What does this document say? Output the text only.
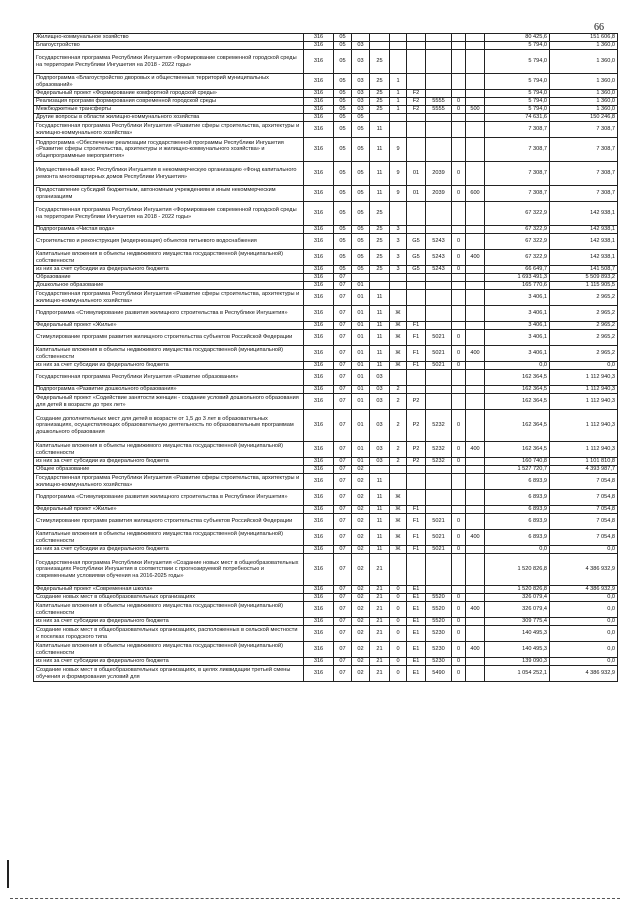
66
Жилищно-коммунальное хозяйство	316	05								80 425,6	151 606,8
Благоустройство	316	05	03							5 794,0	1 360,0
Государственная программа Республики Ингушетия «Формирование современной городской среды на территории Республики Ингушетия на 2018 - 2022 годы»	316	05	03	25						5 794,0	1 360,0
Подпрограмма «Благоустройство дворовых и общественных территорий муниципальных образований»	316	05	03	25	1					5 794,0	1 360,0
Федеральный проект «Формирование комфортной городской среды»	316	05	03	25	1	F2				5 794,0	1 360,0
Реализация программ формирования современной городской среды	316	05	03	25	1	F2	5555	0		5 794,0	1 360,0
Межбюджетные трансферты	316	05	03	25	1	F2	5555	0	500	5 794,0	1 360,0
Другие вопросы в области жилищно-коммунального хозяйства	316	05	05							74 631,6	150 246,8
Государственная программа Республики Ингушетия «Развитие сферы строительства, архитектуры и жилищно-коммунального хозяйства»	316	05	05	11						7 308,7	7 308,7
Подпрограмма «Обеспечение реализации государственной программы Республики Ингушетия «Развитие сферы строительства, архитектуры и жилищно-коммунального хозяйства» и общепрограммные мероприятия»	316	05	05	11	9					7 308,7	7 308,7
Имущественный взнос Республики Ингушетия в некоммерческую организацию «Фонд капитального ремонта многоквартирных домов Республики Ингушетия»	316	05	05	11	9	01	2039	0		7 308,7	7 308,7
Предоставление субсидий бюджетным, автономным учреждениям и иным некоммерческим организациям	316	05	05	11	9	01	2039	0	600	7 308,7	7 308,7
Государственная программа Республики Ингушетия «Формирование современной городской среды на территории Республики Ингушетия на 2018 - 2022 годы»	316	05	05	25						67 322,9	142 938,1
Подпрограмма «Чистая вода»	316	05	05	25	3					67 322,9	142 938,1
Строительство и реконструкция (модернизация) объектов питьевого водоснабжения	316	05	05	25	3	G5	5243	0		67 322,9	142 938,1
Капитальные вложения в объекты недвижимого имущества государственной (муниципальной) собственности	316	05	05	25	3	G5	5243	0	400	67 322,9	142 938,1
из них за счет субсидии из федерального бюджета	316	05	05	25	3	G5	5243	0		66 649,7	141 508,7
Образование	316	07								1 693 491,3	5 509 893,2
Дошкольное образование	316	07	01							165 770,6	1 115 905,5
Государственная программа Республики Ингушетия «Развитие сферы строительства, архитектуры и жилищно-коммунального хозяйства»	316	07	01	11						3 406,1	2 965,2
Подпрограмма «Стимулирование развития жилищного строительства в Республике Ингушетия»	316	07	01	11	Ж					3 406,1	2 965,2
Федеральный проект «Жилье»	316	07	01	11	Ж	F1				3 406,1	2 965,2
Стимулирование программ развития жилищного строительства субъектов Российской Федерации	316	07	01	11	Ж	F1	5021	0		3 406,1	2 965,2
Капитальные вложения в объекты недвижимого имущества государственной (муниципальной) собственности	316	07	01	11	Ж	F1	5021	0	400	3 406,1	2 965,2
из них за счет субсидии из федерального бюджета	316	07	01	11	Ж	F1	5021	0		0,0	0,0
Государственная программа Республики Ингушетия «Развитие образования»	316	07	01	03						162 364,5	1 112 940,3
Подпрограмма «Развитие дошкольного образования»	316	07	01	03	2					162 364,5	1 112 940,3
Федеральный проект «Содействие занятости женщин - создание условий дошкольного образования для детей в возрасте до трех лет»	316	07	01	03	2	P2				162 364,5	1 112 940,3
Создание дополнительных мест для детей в возрасте от 1,5 до 3 лет в образовательных организациях, осуществляющих образовательную деятельность по образовательным программам дошкольного образования	316	07	01	03	2	P2	5232	0		162 364,5	1 112 940,3
Капитальные вложения в объекты недвижимого имущества государственной (муниципальной) собственности	316	07	01	03	2	P2	5232	0	400	162 364,5	1 112 940,3
из них за счет субсидии из федерального бюджета	316	07	01	03	2	P2	5232	0		160 740,8	1 101 810,8
Общее образование	316	07	02							1 527 720,7	4 393 987,7
Государственная программа Республики Ингушетия «Развитие сферы строительства, архитектуры и жилищно-коммунального хозяйства»	316	07	02	11						6 893,9	7 054,8
Подпрограмма «Стимулирование развития жилищного строительства в Республике Ингушетия»	316	07	02	11	Ж					6 893,9	7 054,8
Федеральный проект «Жилье»	316	07	02	11	Ж	F1				6 893,9	7 054,8
Стимулирование программ развития жилищного строительства субъектов Российской Федерации	316	07	02	11	Ж	F1	5021	0		6 893,9	7 054,8
Капитальные вложения в объекты недвижимого имущества государственной (муниципальной) собственности	316	07	02	11	Ж	F1	5021	0	400	6 893,9	7 054,8
из них за счет субсидии из федерального бюджета	316	07	02	11	Ж	F1	5021	0		0,0	0,0
Государственная программа Республики Ингушетия «Создание новых мест в общеобразовательных организациях Республики Ингушетия в соответствии с прогнозируемой потребностью и современными условиями обучения на 2016-2025 годы»	316	07	02	21						1 520 826,8	4 386 932,9
Федеральный проект «Современная школа»	316	07	02	21	0	E1				1 520 826,8	4 386 932,9
Создание новых мест в общеобразовательных организациях	316	07	02	21	0	E1	5520	0		326 079,4	0,0
Капитальные вложения в объекты недвижимого имущества государственной (муниципальной) собственности	316	07	02	21	0	E1	5520	0	400	326 079,4	0,0
из них за счет субсидии из федерального бюджета	316	07	02	21	0	E1	5520	0		309 775,4	0,0
Создание новых мест в общеобразовательных организациях, расположенных в сельской местности и поселках городского типа	316	07	02	21	0	E1	5230	0		140 495,3	0,0
Капитальные вложения в объекты недвижимого имущества государственной (муниципальной) собственности	316	07	02	21	0	E1	5230	0	400	140 495,3	0,0
из них за счет субсидии из федерального бюджета	316	07	02	21	0	E1	5230	0		139 090,3	0,0
Создание новых мест в общеобразовательных организациях, в целях ликвидации третьей смены обучения и формирования условий для	316	07	02	21	0	E1	5490	0		1 054 252,1	4 386 932,9
